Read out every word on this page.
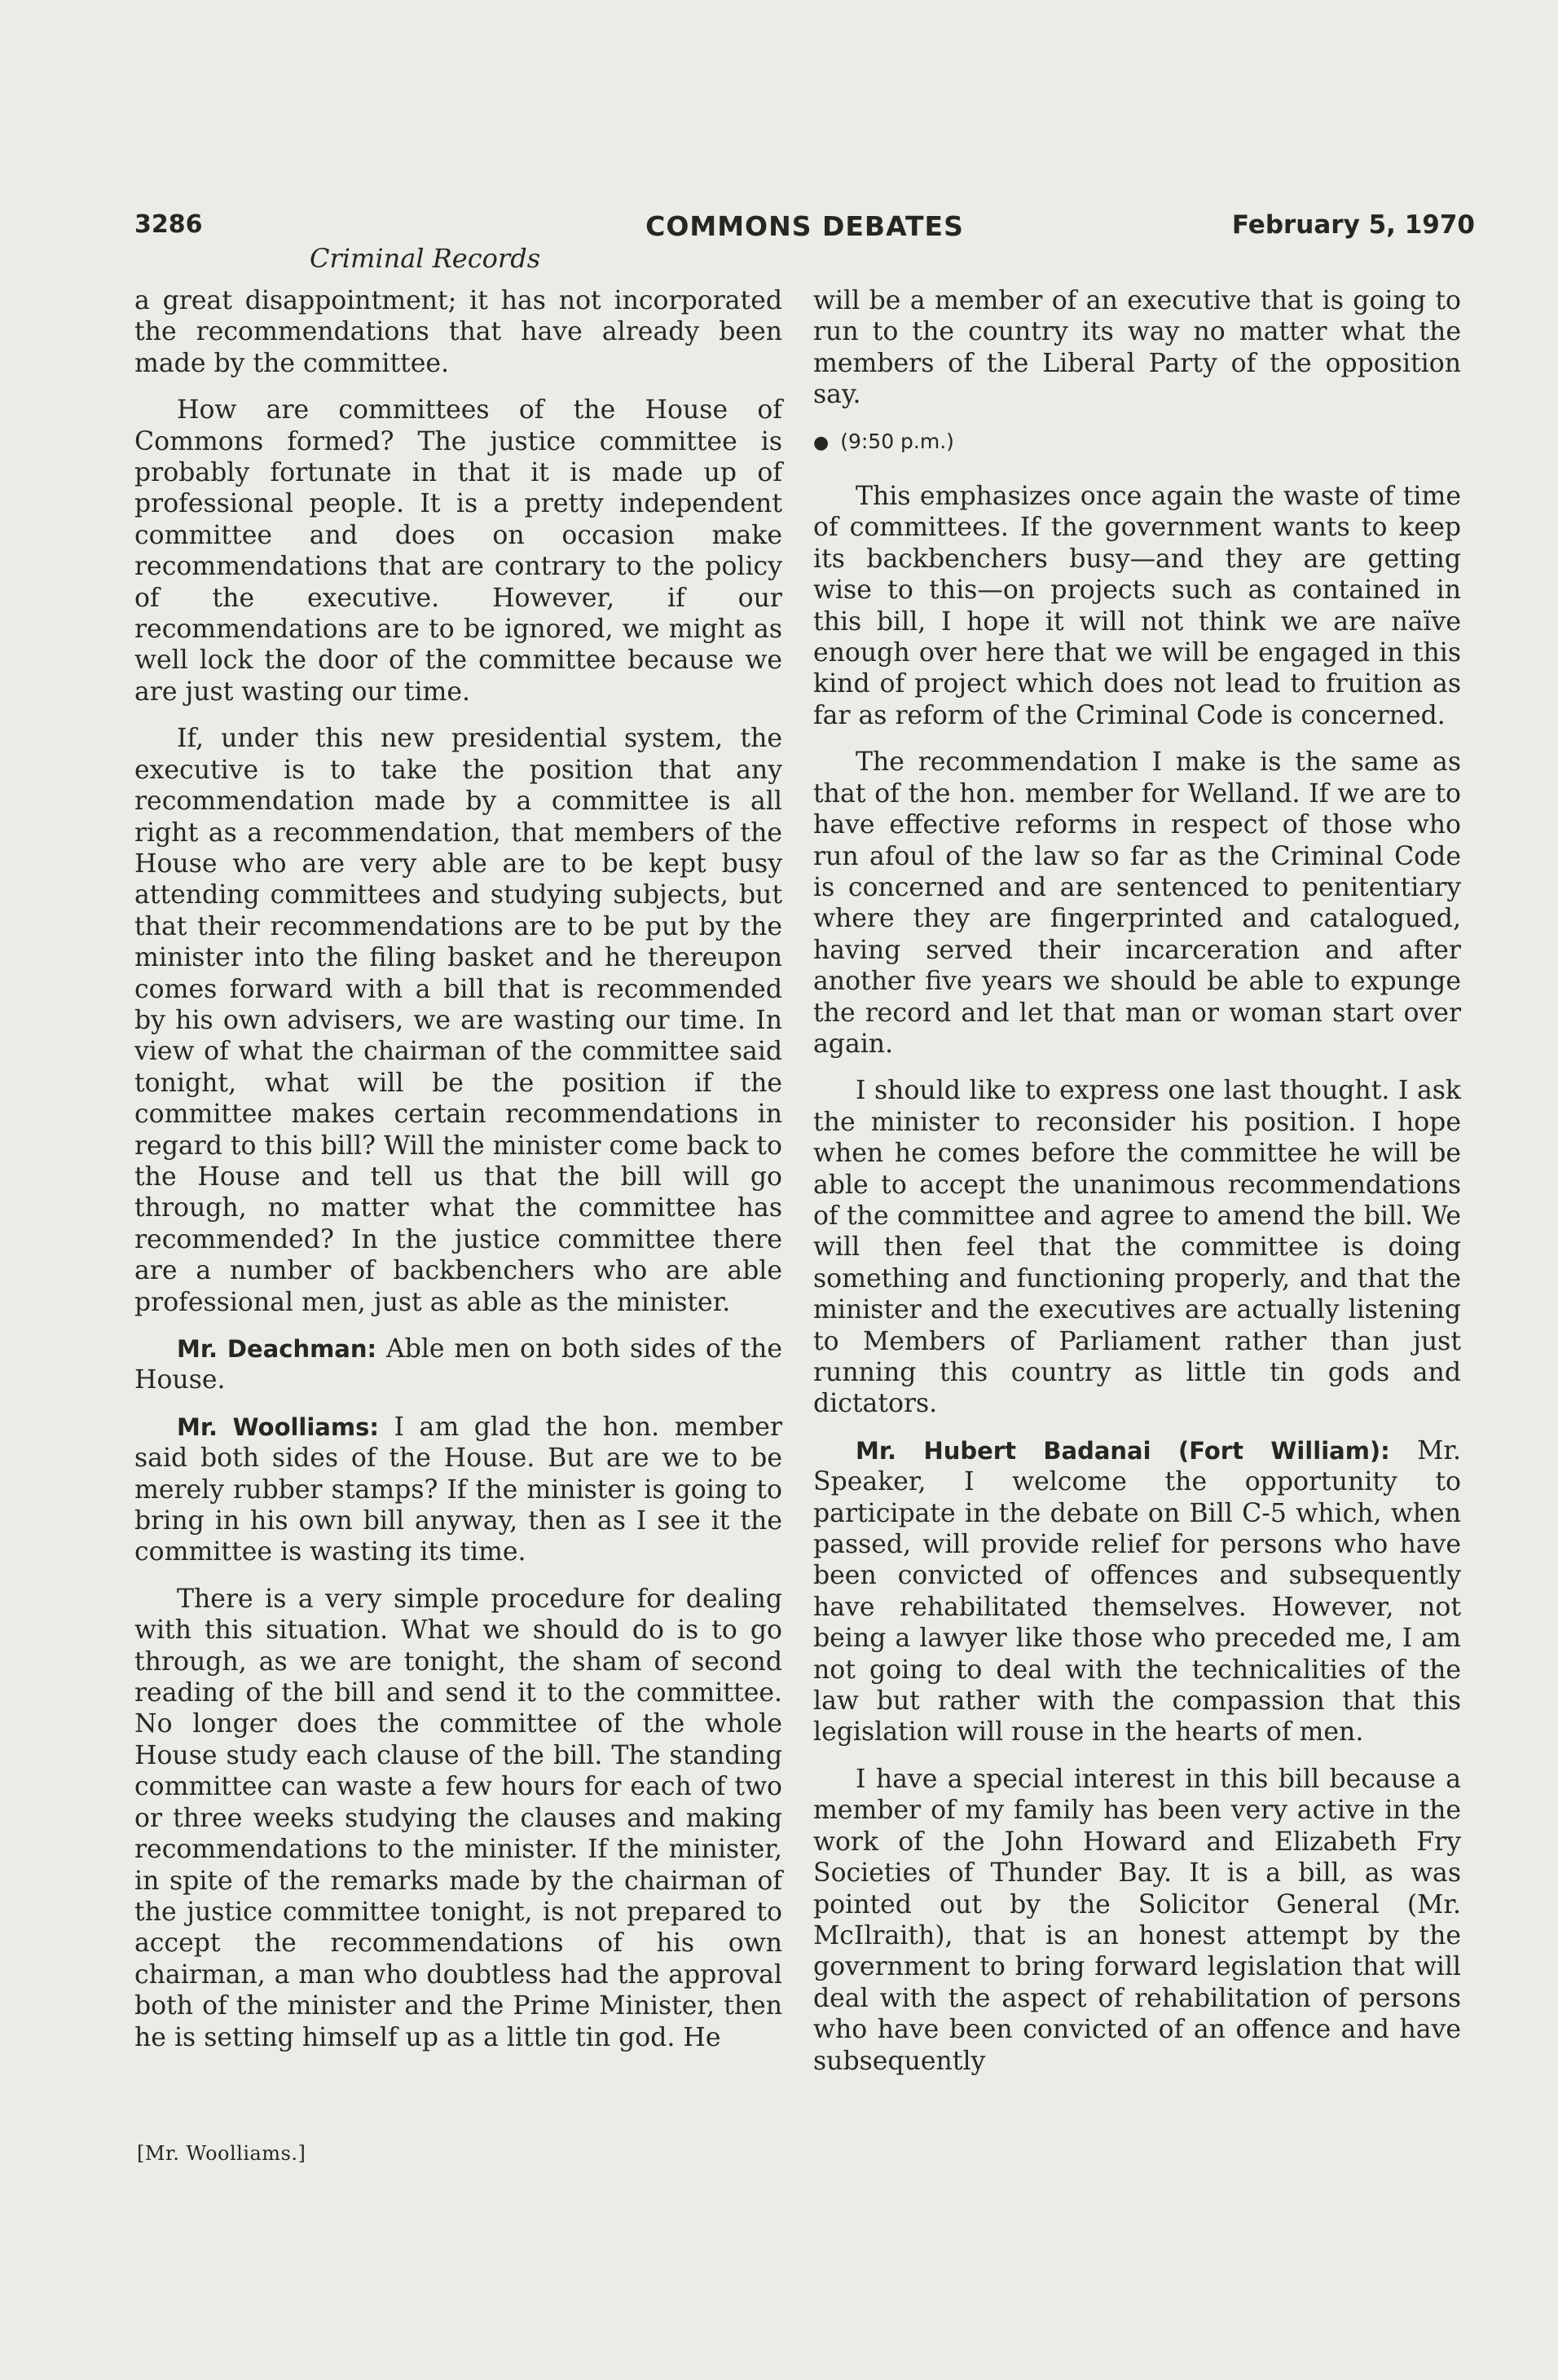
3286	COMMONS DEBATES	February 5, 1970
Criminal Records

a great disappointment; it has not incorporated the recommendations that have already been made by the committee.

How are committees of the House of Commons formed? The justice committee is probably fortunate in that it is made up of professional people. It is a pretty independent committee and does on occasion make recommendations that are contrary to the policy of the executive. However, if our recommendations are to be ignored, we might as well lock the door of the committee because we are just wasting our time.

If, under this new presidential system, the executive is to take the position that any recommendation made by a committee is all right as a recommendation, that members of the House who are very able are to be kept busy attending committees and studying subjects, but that their recommendations are to be put by the minister into the filing basket and he thereupon comes forward with a bill that is recommended by his own advisers, we are wasting our time. In view of what the chairman of the committee said tonight, what will be the position if the committee makes certain recommendations in regard to this bill? Will the minister come back to the House and tell us that the bill will go through, no matter what the committee has recommended? In the justice committee there are a number of backbenchers who are able professional men, just as able as the minister.

Mr. Deachman: Able men on both sides of the House.

Mr. Woolliams: I am glad the hon. member said both sides of the House. But are we to be merely rubber stamps? If the minister is going to bring in his own bill anyway, then as I see it the committee is wasting its time.

There is a very simple procedure for dealing with this situation. What we should do is to go through, as we are tonight, the sham of second reading of the bill and send it to the committee. No longer does the committee of the whole House study each clause of the bill. The standing committee can waste a few hours for each of two or three weeks studying the clauses and making recommendations to the minister. If the minister, in spite of the remarks made by the chairman of the justice committee tonight, is not prepared to accept the recommendations of his own chairman, a man who doubtless had the approval both of the minister and the Prime Minister, then he is setting himself up as a little tin god. He

will be a member of an executive that is going to run to the country its way no matter what the members of the Liberal Party of the opposition say.

● (9:50 p.m.)

This emphasizes once again the waste of time of committees. If the government wants to keep its backbenchers busy—and they are getting wise to this—on projects such as contained in this bill, I hope it will not think we are naïve enough over here that we will be engaged in this kind of project which does not lead to fruition as far as reform of the Criminal Code is concerned.

The recommendation I make is the same as that of the hon. member for Welland. If we are to have effective reforms in respect of those who run afoul of the law so far as the Criminal Code is concerned and are sentenced to penitentiary where they are fingerprinted and catalogued, having served their incarceration and after another five years we should be able to expunge the record and let that man or woman start over again.

I should like to express one last thought. I ask the minister to reconsider his position. I hope when he comes before the committee he will be able to accept the unanimous recommendations of the committee and agree to amend the bill. We will then feel that the committee is doing something and functioning properly, and that the minister and the executives are actually listening to Members of Parliament rather than just running this country as little tin gods and dictators.

Mr. Hubert Badanai (Fort William): Mr. Speaker, I welcome the opportunity to participate in the debate on Bill C-5 which, when passed, will provide relief for persons who have been convicted of offences and subsequently have rehabilitated themselves. However, not being a lawyer like those who preceded me, I am not going to deal with the technicalities of the law but rather with the compassion that this legislation will rouse in the hearts of men.

I have a special interest in this bill because a member of my family has been very active in the work of the John Howard and Elizabeth Fry Societies of Thunder Bay. It is a bill, as was pointed out by the Solicitor General (Mr. McIlraith), that is an honest attempt by the government to bring forward legislation that will deal with the aspect of rehabilitation of persons who have been convicted of an offence and have subsequently

[Mr. Woolliams.]
